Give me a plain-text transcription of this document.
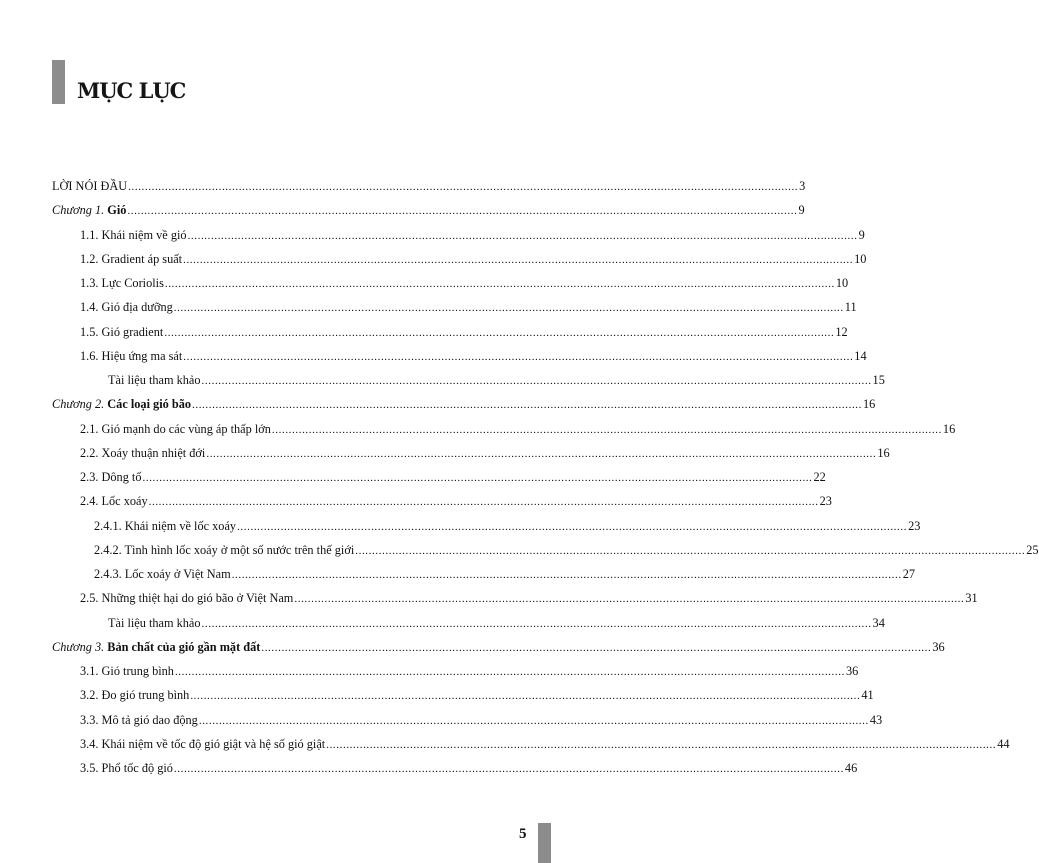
MỤC LỤC
LỜI NÓI ĐẦU ........................................................................................................................................................................................................ 3
Chương 1. Gió ........................................................................................................................................................................................................ 9
1.1. Khái niệm về gió ........................................................................................................................................................................................................ 9
1.2. Gradient áp suất ........................................................................................................................................................................................................ 10
1.3. Lực Coriolis ........................................................................................................................................................................................................ 10
1.4. Gió địa dưỡng ........................................................................................................................................................................................................ 11
1.5. Gió gradient ........................................................................................................................................................................................................ 12
1.6. Hiệu ứng ma sát ........................................................................................................................................................................................................ 14
Tài liệu tham khảo ........................................................................................................................................................................................................ 15
Chương 2. Các loại gió bão ........................................................................................................................................................................................................ 16
2.1. Gió mạnh do các vùng áp thấp lớn ........................................................................................................................................................................................................ 16
2.2. Xoáy thuận nhiệt đới ........................................................................................................................................................................................................ 16
2.3. Dông tố ........................................................................................................................................................................................................ 22
2.4. Lốc xoáy ........................................................................................................................................................................................................ 23
2.4.1. Khái niệm về lốc xoáy ........................................................................................................................................................................................................ 23
2.4.2. Tình hình lốc xoáy ở một số nước trên thế giới ........................................................................................................................................................................................................ 25
2.4.3. Lốc xoáy ở Việt Nam ........................................................................................................................................................................................................ 27
2.5. Những thiệt hại do gió bão ở Việt Nam ........................................................................................................................................................................................................ 31
Tài liệu tham khảo ........................................................................................................................................................................................................ 34
Chương 3. Bản chất của gió gần mặt đất ........................................................................................................................................................................................................ 36
3.1. Gió trung bình ........................................................................................................................................................................................................ 36
3.2. Đo gió trung bình ........................................................................................................................................................................................................ 41
3.3. Mô tả gió dao động ........................................................................................................................................................................................................ 43
3.4. Khái niệm về tốc độ gió giật và hệ số gió giật ........................................................................................................................................................................................................ 44
3.5. Phổ tốc độ gió ........................................................................................................................................................................................................ 46
5
